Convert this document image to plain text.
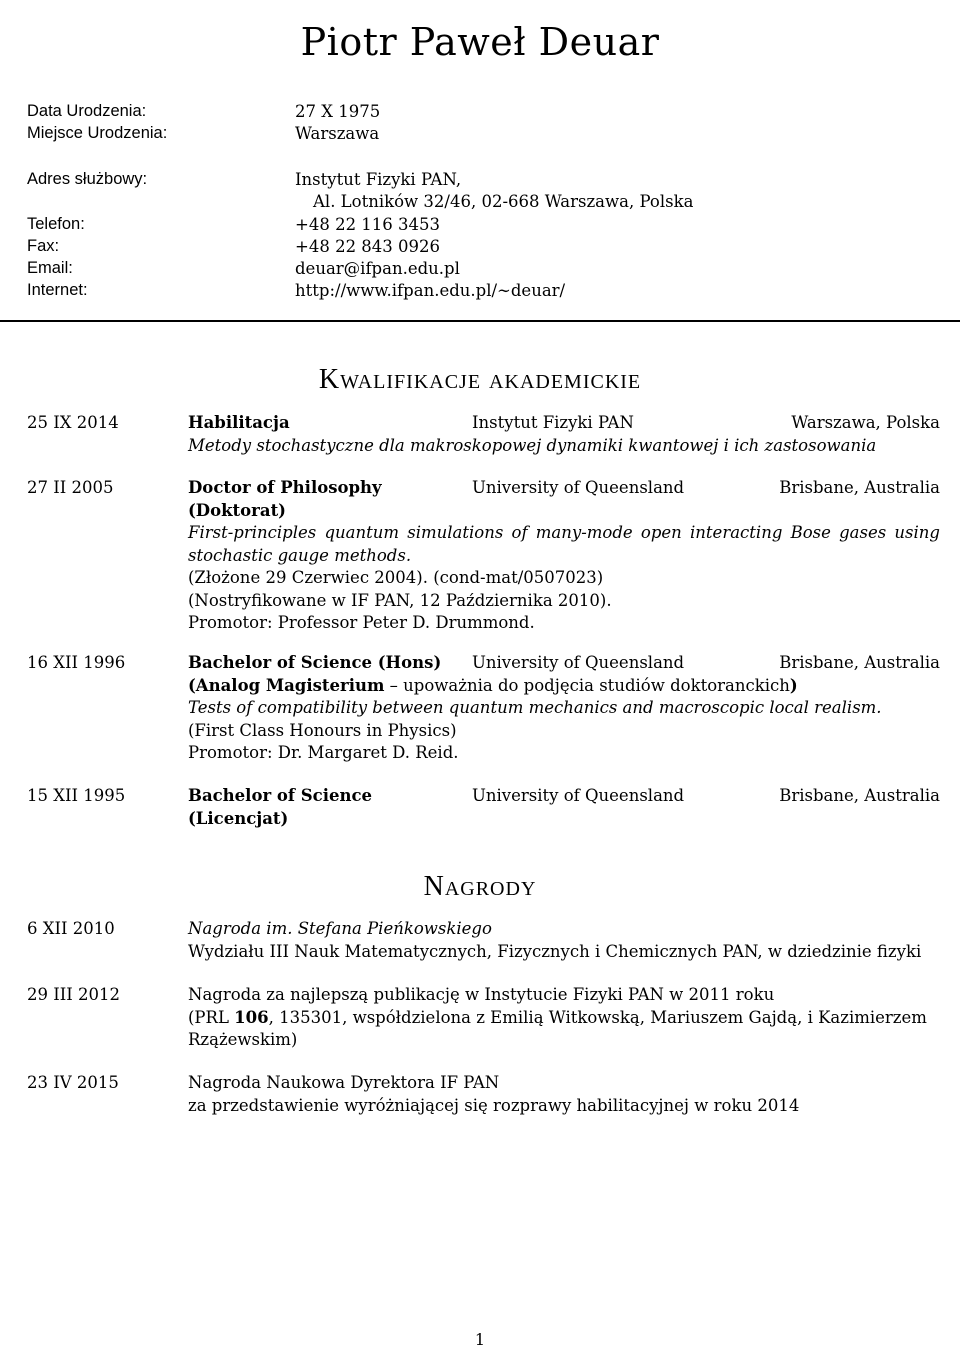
Piotr Paweł Deuar
Data Urodzenia:	27 X 1975
Miejsce Urodzenia:	Warszawa
Adres służbowy:	Instytut Fizyki PAN,
Al. Lotników 32/46, 02-668 Warszawa, Polska
Telefon:	+48 22 116 3453
Fax:	+48 22 843 0926
Email:	deuar@ifpan.edu.pl
Internet:	http://www.ifpan.edu.pl/∼deuar/
Kwalifikacje akademickie
25 IX 2014	Habilitacja	Instytut Fizyki PAN	Warszawa, Polska
Metody stochastyczne dla makroskopowej dynamiki kwantowej i ich zastosowania
27 II 2005	Doctor of Philosophy	University of Queensland	Brisbane, Australia
(Doktorat)
First-principles quantum simulations of many-mode open interacting Bose gases using stochastic gauge methods.
(Złożone 29 Czerwiec 2004). (cond-mat/0507023)
(Nostryfikowane w IF PAN, 12 Października 2010).
Promotor: Professor Peter D. Drummond.
16 XII 1996	Bachelor of Science (Hons) University of Queensland	Brisbane, Australia
(Analog Magisterium – upoważnia do podjęcia studiów doktoranckich)
Tests of compatibility between quantum mechanics and macroscopic local realism.
(First Class Honours in Physics)
Promotor: Dr. Margaret D. Reid.
15 XII 1995	Bachelor of Science	University of Queensland	Brisbane, Australia
(Licencjat)
Nagrody
6 XII 2010	Nagroda im. Stefana Pieńkowskiego
Wydziału III Nauk Matematycznych, Fizycznych i Chemicznych PAN, w dziedzinie fizyki
29 III 2012	Nagroda za najlepszą publikację w Instytucie Fizyki PAN w 2011 roku
(PRL 106, 135301, współdzielona z Emilią Witkowską, Mariuszem Gajdą, i Kazimierzem
Rzążewskim)
23 IV 2015	Nagroda Naukowa Dyrektora IF PAN
za przedstawienie wyróżniającej się rozprawy habilitacyjnej w roku 2014
1
